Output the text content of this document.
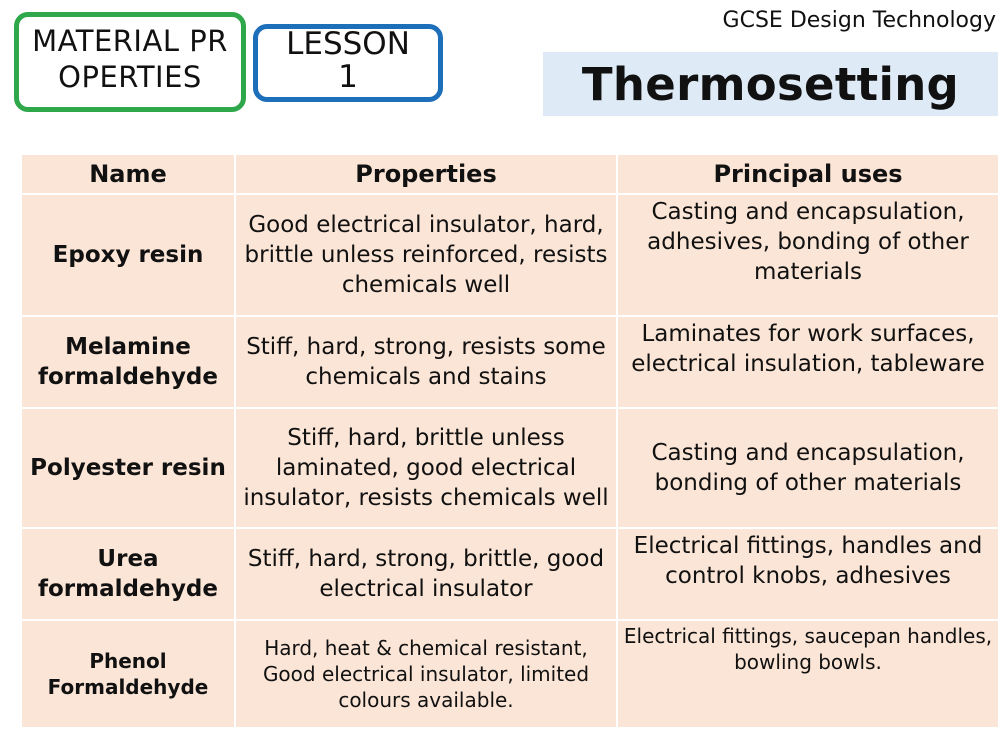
MATERIAL PROPERTIES
LESSON 1
GCSE Design Technology
Thermosetting
Name	Properties	Principal uses
Epoxy resin	Good electrical insulator, hard, brittle unless reinforced, resists chemicals well	Casting and encapsulation, adhesives, bonding of other materials
Melamine formaldehyde	Stiff, hard, strong, resists some chemicals and stains	Laminates for work surfaces, electrical insulation, tableware
Polyester resin	Stiff, hard, brittle unless laminated, good electrical insulator, resists chemicals well	Casting and encapsulation, bonding of other materials
Urea formaldehyde	Stiff, hard, strong, brittle, good electrical insulator	Electrical fittings, handles and control knobs, adhesives
Phenol Formaldehyde	Hard, heat & chemical resistant, Good electrical insulator, limited colours available.	Electrical fittings, saucepan handles, bowling bowls.
